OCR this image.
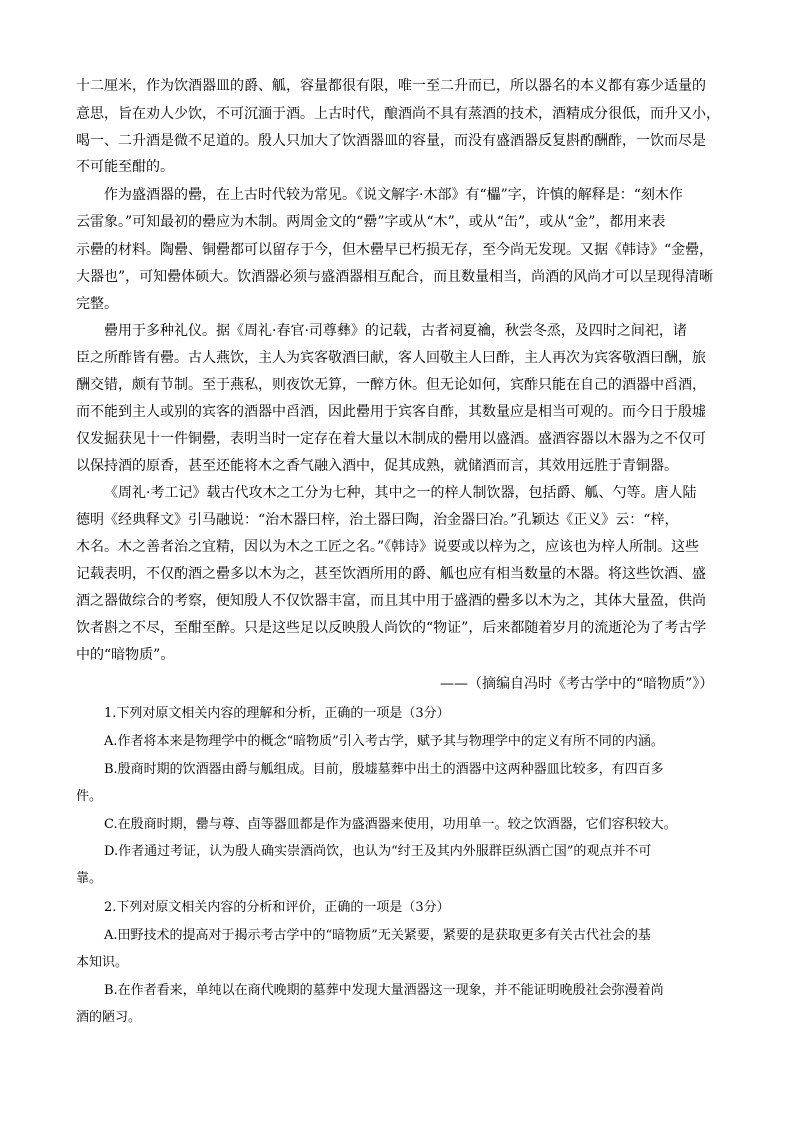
十二厘米，作为饮酒器皿的爵、觚，容量都很有限，唯一至二升而已，所以器名的本义都有寡少适量的
意思，旨在劝人少饮，不可沉湎于酒。上古时代，酿酒尚不具有蒸酒的技术，酒精成分很低，而升又小，
喝一、二升酒是微不足道的。殷人只加大了饮酒器皿的容量，而没有盛酒器反复斟酌酬酢，一饮而尽是
不可能至酣的。
作为盛酒器的罍，在上古时代较为常见。《说文解字·木部》有“櫑”字，许慎的解释是：“刻木作
云雷象。”可知最初的罍应为木制。两周金文的“罍”字或从“木”，或从“缶”，或从“金”，都用来表
示罍的材料。陶罍、铜罍都可以留存于今，但木罍早已朽损无存，至今尚无发现。又据《韩诗》“金罍，
大器也”，可知罍体硕大。饮酒器必须与盛酒器相互配合，而且数量相当，尚酒的风尚才可以呈现得清晰
完整。
罍用于多种礼仪。据《周礼·春官·司尊彝》的记载，古者祠夏禴，秋尝冬烝，及四时之间祀，诸
臣之所酢皆有罍。古人燕饮，主人为宾客敬酒曰献，客人回敬主人曰酢，主人再次为宾客敬酒曰酬，旅
酬交错，颇有节制。至于燕私，则夜饮无算，一醉方休。但无论如何，宾酢只能在自己的酒器中舀酒，
而不能到主人或别的宾客的酒器中舀酒，因此罍用于宾客自酢，其数量应是相当可观的。而今日于殷墟
仅发掘获见十一件铜罍，表明当时一定存在着大量以木制成的罍用以盛酒。盛酒容器以木器为之不仅可
以保持酒的原香，甚至还能将木之香气融入酒中，促其成熟，就储酒而言，其效用远胜于青铜器。
《周礼·考工记》载古代攻木之工分为七种，其中之一的梓人制饮器，包括爵、觚、勺等。唐人陆
德明《经典释文》引马融说：“治木器曰梓，治土器曰陶，治金器曰冶。”孔颖达《正义》云：“梓，
木名。木之善者治之宜精，因以为木之工匠之名。”《韩诗》说要或以梓为之，应该也为梓人所制。这些
记载表明，不仅酌酒之罍多以木为之，甚至饮酒所用的爵、觚也应有相当数量的木器。将这些饮酒、盛
酒之器做综合的考察，便知殷人不仅饮器丰富，而且其中用于盛酒的罍多以木为之，其体大量盈，供尚
饮者斟之不尽，至酣至醉。只是这些足以反映殷人尚饮的“物证”，后来都随着岁月的流逝沦为了考古学
中的“暗物质”。
——（摘编自冯时《考古学中的“暗物质”》）
1.下列对原文相关内容的理解和分析，正确的一项是（3分）
A.作者将本来是物理学中的概念“暗物质”引入考古学，赋予其与物理学中的定义有所不同的内涵。
B.殷商时期的饮酒器由爵与觚组成。目前，殷墟墓葬中出土的酒器中这两种器皿比较多，有四百多
件。
C.在殷商时期，罍与尊、卣等器皿都是作为盛酒器来使用，功用单一。较之饮酒器，它们容积较大。
D.作者通过考证，认为殷人确实崇酒尚饮，也认为“纣王及其内外服群臣纵酒亡国”的观点并不可
靠。
2.下列对原文相关内容的分析和评价，正确的一项是（3分）
A.田野技术的提高对于揭示考古学中的“暗物质”无关紧要，紧要的是获取更多有关古代社会的基
本知识。
B.在作者看来，单纯以在商代晚期的墓葬中发现大量酒器这一现象，并不能证明晚殷社会弥漫着尚
酒的陋习。
